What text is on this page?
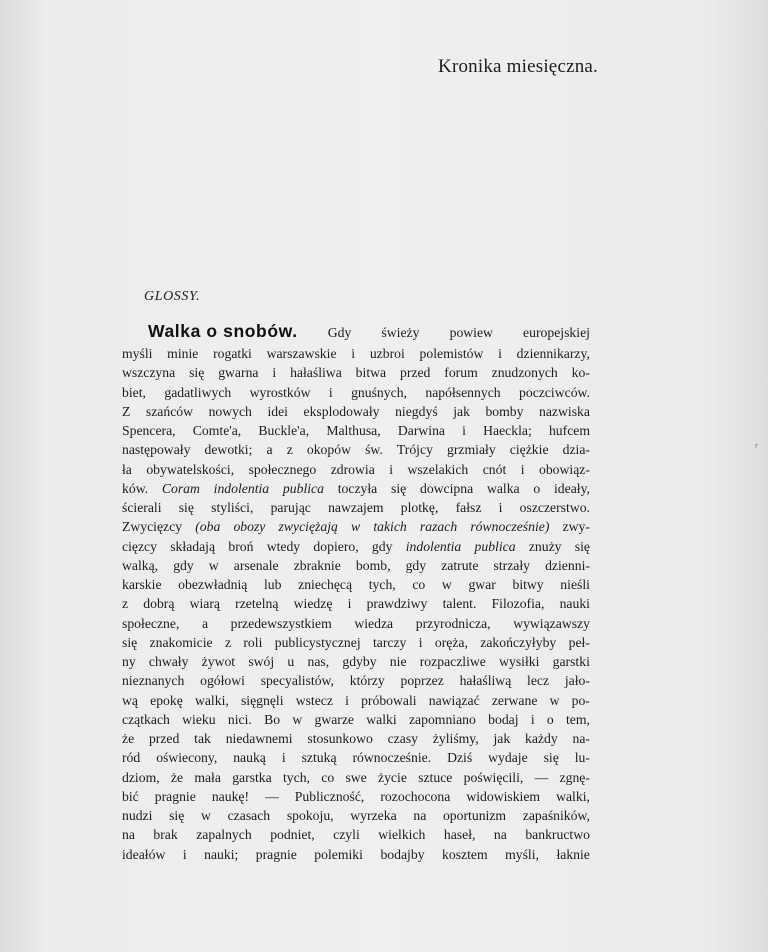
Kronika miesięczna.
GLOSSY.
Walka o snobów. Gdy świeży powiew europejskiej
myśli minie rogatki warszawskie i uzbroi polemistów i dziennikarzy,
wszczyna się gwarna i hałaśliwa bitwa przed forum znudzonych ko-
biet, gadatliwych wyrostków i gnuśnych, napółsennych poczciwców.
Z szańców nowych idei eksplodowały niegdyś jak bomby nazwiska
Spencera, Comte'a, Buckle'a, Malthusa, Darwina i Haeckla; hufcem
następowały dewotki; a z okopów św. Trójcy grzmiały ciężkie dzia-
ła obywatelskości, społecznego zdrowia i wszelakich cnót i obowiąz-
ków. Coram indolentia publica toczyła się dowcipna walka o ideały,
ścierali się styliści, parując nawzajem plotkę, fałsz i oszczerstwo.
Zwycięzcy (oba obozy zwyciężają w takich razach równocześnie) zwy-
cięzcy składają broń wtedy dopiero, gdy indolentia publica znuży się
walką, gdy w arsenale zbraknie bomb, gdy zatrute strzały dzienni-
karskie obezwładnią lub zniechęcą tych, co w gwar bitwy nieśli
z dobrą wiarą rzetelną wiedzę i prawdziwy talent. Filozofia, nauki
społeczne, a przedewszystkiem wiedza przyrodnicza, wywiązawszy
się znakomicie z roli publicystycznej tarczy i oręża, zakończyłyby peł-
ny chwały żywot swój u nas, gdyby nie rozpaczliwe wysiłki garstki
nieznanych ogółowi specyalistów, którzy poprzez hałaśliwą lecz jało-
wą epokę walki, sięgnęli wstecz i próbowali nawiązać zerwane w po-
czątkach wieku nici. Bo w gwarze walki zapomniano bodaj i o tem,
że przed tak niedawnemi stosunkowo czasy żyliśmy, jak każdy na-
ród oświecony, nauką i sztuką równocześnie. Dziś wydaje się lu-
dziom, że mała garstka tych, co swe życie sztuce poświęcili, — zgnę-
bić pragnie naukę! — Publiczność, rozochocona widowiskiem walki,
nudzi się w czasach spokoju, wyrzeka na oportunizm zapaśników,
na brak zapalnych podniet, czyli wielkich haseł, na bankructwo
ideałów i nauki; pragnie polemiki bodajby kosztem myśli, łaknie
ʳ
